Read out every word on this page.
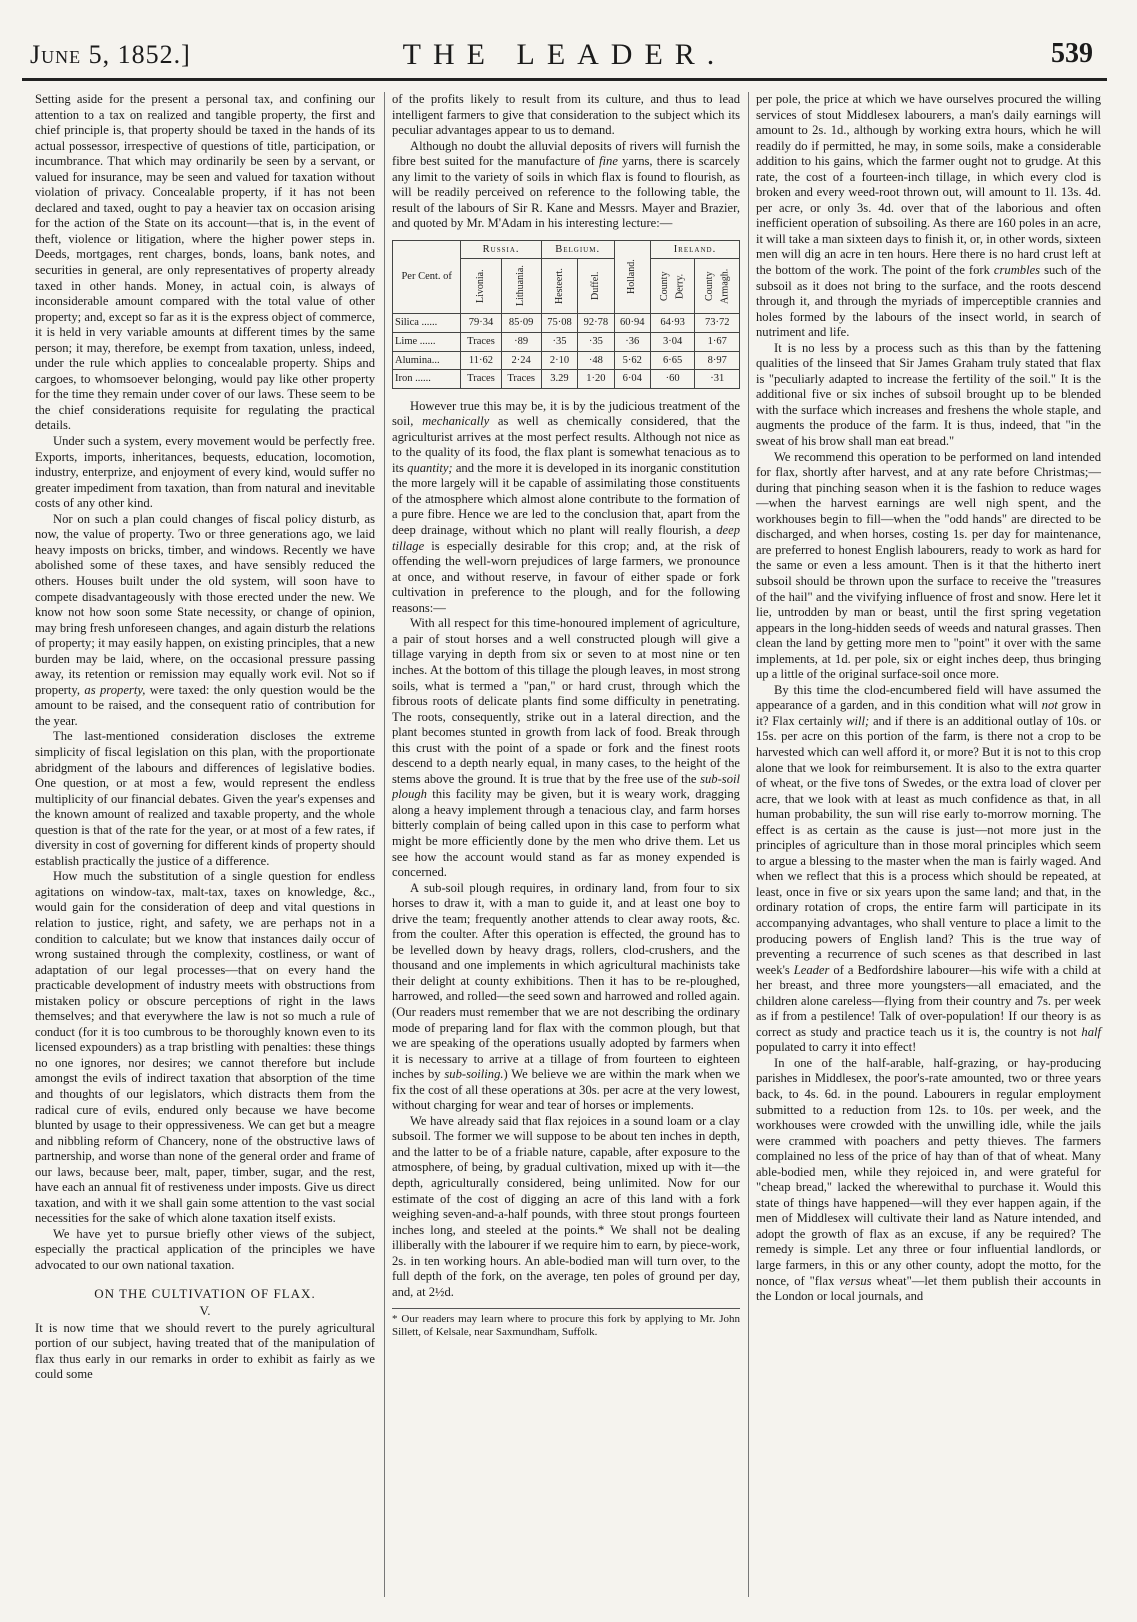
June 5, 1852.]	THE LEADER.	539

Setting aside for the present a personal tax, and confining our attention to a tax on realized and tangible property, the first and chief principle is, that property should be taxed in the hands of its actual possessor, irrespective of questions of title, participation, or incumbrance. That which may ordinarily be seen by a servant, or valued for insurance, may be seen and valued for taxation without violation of privacy. Concealable property, if it has not been declared and taxed, ought to pay a heavier tax on occasion arising for the action of the State on its account—that is, in the event of theft, violence or litigation, where the higher power steps in. Deeds, mortgages, rent charges, bonds, loans, bank notes, and securities in general, are only representatives of property already taxed in other hands. Money, in actual coin, is always of inconsiderable amount compared with the total value of other property; and, except so far as it is the express object of commerce, it is held in very variable amounts at different times by the same person; it may, therefore, be exempt from taxation, unless, indeed, under the rule which applies to concealable property. Ships and cargoes, to whomsoever belonging, would pay like other property for the time they remain under cover of our laws. These seem to be the chief considerations requisite for regulating the practical details.

Under such a system, every movement would be perfectly free. Exports, imports, inheritances, bequests, education, locomotion, industry, enterprize, and enjoyment of every kind, would suffer no greater impediment from taxation, than from natural and inevitable costs of any other kind.

Nor on such a plan could changes of fiscal policy disturb, as now, the value of property. Two or three generations ago, we laid heavy imposts on bricks, timber, and windows. Recently we have abolished some of these taxes, and have sensibly reduced the others. Houses built under the old system, will soon have to compete disadvantageously with those erected under the new. We know not how soon some State necessity, or change of opinion, may bring fresh unforeseen changes, and again disturb the relations of property; it may easily happen, on existing principles, that a new burden may be laid, where, on the occasional pressure passing away, its retention or remission may equally work evil. Not so if property, as property, were taxed: the only question would be the amount to be raised, and the consequent ratio of contribution for the year.

The last-mentioned consideration discloses the extreme simplicity of fiscal legislation on this plan, with the proportionate abridgment of the labours and differences of legislative bodies. One question, or at most a few, would represent the endless multiplicity of our financial debates. Given the year's expenses and the known amount of realized and taxable property, and the whole question is that of the rate for the year, or at most of a few rates, if diversity in cost of governing for different kinds of property should establish practically the justice of a difference.

How much the substitution of a single question for endless agitations on window-tax, malt-tax, taxes on knowledge, &c., would gain for the consideration of deep and vital questions in relation to justice, right, and safety, we are perhaps not in a condition to calculate; but we know that instances daily occur of wrong sustained through the complexity, costliness, or want of adaptation of our legal processes—that on every hand the practicable development of industry meets with obstructions from mistaken policy or obscure perceptions of right in the laws themselves; and that everywhere the law is not so much a rule of conduct (for it is too cumbrous to be thoroughly known even to its licensed expounders) as a trap bristling with penalties: these things no one ignores, nor desires; we cannot therefore but include amongst the evils of indirect taxation that absorption of the time and thoughts of our legislators, which distracts them from the radical cure of evils, endured only because we have become blunted by usage to their oppressiveness. We can get but a meagre and nibbling reform of Chancery, none of the obstructive laws of partnership, and worse than none of the general order and frame of our laws, because beer, malt, paper, timber, sugar, and the rest, have each an annual fit of restiveness under imposts. Give us direct taxation, and with it we shall gain some attention to the vast social necessities for the sake of which alone taxation itself exists.

We have yet to pursue briefly other views of the subject, especially the practical application of the principles we have advocated to our own national taxation.

ON THE CULTIVATION OF FLAX.
V.

It is now time that we should revert to the purely agricultural portion of our subject, having treated that of the manipulation of flax thus early in our remarks in order to exhibit as fairly as we could some

of the profits likely to result from its culture, and thus to lead intelligent farmers to give that consideration to the subject which its peculiar advantages appear to us to demand.

Although no doubt the alluvial deposits of rivers will furnish the fibre best suited for the manufacture of fine yarns, there is scarcely any limit to the variety of soils in which flax is found to flourish, as will be readily perceived on reference to the following table, the result of the labours of Sir R. Kane and Messrs. Mayer and Brazier, and quoted by Mr. M'Adam in his interesting lecture:—

Per Cent. of	Russia.		Belgium.		Holland.	Ireland.	

	Livonia.	Lithuania.	Hesteert.	Duffel.		County Derry.	County Armagh.

Silica ......	79·34	85·09	75·08	92·78	60·94	64·93	73·72
Lime ......	Traces	·89	·35	·35	·36	3·04	1·67
Alumina...	11·62	2·24	2·10	·48	5·62	6·65	8·97
Iron ......	Traces	Traces	3.29	1·20	6·04	·60	·31

However true this may be, it is by the judicious treatment of the soil, mechanically as well as chemically considered, that the agriculturist arrives at the most perfect results. Although not nice as to the quality of its food, the flax plant is somewhat tenacious as to its quantity; and the more it is developed in its inorganic constitution the more largely will it be capable of assimilating those constituents of the atmosphere which almost alone contribute to the formation of a pure fibre. Hence we are led to the conclusion that, apart from the deep drainage, without which no plant will really flourish, a deep tillage is especially desirable for this crop; and, at the risk of offending the well-worn prejudices of large farmers, we pronounce at once, and without reserve, in favour of either spade or fork cultivation in preference to the plough, and for the following reasons:—

With all respect for this time-honoured implement of agriculture, a pair of stout horses and a well constructed plough will give a tillage varying in depth from six or seven to at most nine or ten inches. At the bottom of this tillage the plough leaves, in most strong soils, what is termed a "pan," or hard crust, through which the fibrous roots of delicate plants find some difficulty in penetrating. The roots, consequently, strike out in a lateral direction, and the plant becomes stunted in growth from lack of food. Break through this crust with the point of a spade or fork and the finest roots descend to a depth nearly equal, in many cases, to the height of the stems above the ground. It is true that by the free use of the sub-soil plough this facility may be given, but it is weary work, dragging along a heavy implement through a tenacious clay, and farm horses bitterly complain of being called upon in this case to perform what might be more efficiently done by the men who drive them. Let us see how the account would stand as far as money expended is concerned.

A sub-soil plough requires, in ordinary land, from four to six horses to draw it, with a man to guide it, and at least one boy to drive the team; frequently another attends to clear away roots, &c. from the coulter. After this operation is effected, the ground has to be levelled down by heavy drags, rollers, clod-crushers, and the thousand and one implements in which agricultural machinists take their delight at county exhibitions. Then it has to be re-ploughed, harrowed, and rolled—the seed sown and harrowed and rolled again. (Our readers must remember that we are not describing the ordinary mode of preparing land for flax with the common plough, but that we are speaking of the operations usually adopted by farmers when it is necessary to arrive at a tillage of from fourteen to eighteen inches by sub-soiling.) We believe we are within the mark when we fix the cost of all these operations at 30s. per acre at the very lowest, without charging for wear and tear of horses or implements.

We have already said that flax rejoices in a sound loam or a clay subsoil. The former we will suppose to be about ten inches in depth, and the latter to be of a friable nature, capable, after exposure to the atmosphere, of being, by gradual cultivation, mixed up with it—the depth, agriculturally considered, being unlimited. Now for our estimate of the cost of digging an acre of this land with a fork weighing seven-and-a-half pounds, with three stout prongs fourteen inches long, and steeled at the points.* We shall not be dealing illiberally with the labourer if we require him to earn, by piece-work, 2s. in ten working hours. An able-bodied man will turn over, to the full depth of the fork, on the average, ten poles of ground per day, and, at 2½d.

* Our readers may learn where to procure this fork by applying to Mr. John Sillett, of Kelsale, near Saxmundham, Suffolk.

per pole, the price at which we have ourselves procured the willing services of stout Middlesex labourers, a man's daily earnings will amount to 2s. 1d., although by working extra hours, which he will readily do if permitted, he may, in some soils, make a considerable addition to his gains, which the farmer ought not to grudge. At this rate, the cost of a fourteen-inch tillage, in which every clod is broken and every weed-root thrown out, will amount to 1l. 13s. 4d. per acre, or only 3s. 4d. over that of the laborious and often inefficient operation of subsoiling. As there are 160 poles in an acre, it will take a man sixteen days to finish it, or, in other words, sixteen men will dig an acre in ten hours. Here there is no hard crust left at the bottom of the work. The point of the fork crumbles such of the subsoil as it does not bring to the surface, and the roots descend through it, and through the myriads of imperceptible crannies and holes formed by the labours of the insect world, in search of nutriment and life.

It is no less by a process such as this than by the fattening qualities of the linseed that Sir James Graham truly stated that flax is "peculiarly adapted to increase the fertility of the soil." It is the additional five or six inches of subsoil brought up to be blended with the surface which increases and freshens the whole staple, and augments the produce of the farm. It is thus, indeed, that "in the sweat of his brow shall man eat bread."

We recommend this operation to be performed on land intended for flax, shortly after harvest, and at any rate before Christmas;—during that pinching season when it is the fashion to reduce wages—when the harvest earnings are well nigh spent, and the workhouses begin to fill—when the "odd hands" are directed to be discharged, and when horses, costing 1s. per day for maintenance, are preferred to honest English labourers, ready to work as hard for the same or even a less amount. Then is it that the hitherto inert subsoil should be thrown upon the surface to receive the "treasures of the hail" and the vivifying influence of frost and snow. Here let it lie, untrodden by man or beast, until the first spring vegetation appears in the long-hidden seeds of weeds and natural grasses. Then clean the land by getting more men to "point" it over with the same implements, at 1d. per pole, six or eight inches deep, thus bringing up a little of the original surface-soil once more.

By this time the clod-encumbered field will have assumed the appearance of a garden, and in this condition what will not grow in it? Flax certainly will; and if there is an additional outlay of 10s. or 15s. per acre on this portion of the farm, is there not a crop to be harvested which can well afford it, or more? But it is not to this crop alone that we look for reimbursement. It is also to the extra quarter of wheat, or the five tons of Swedes, or the extra load of clover per acre, that we look with at least as much confidence as that, in all human probability, the sun will rise early to-morrow morning. The effect is as certain as the cause is just—not more just in the principles of agriculture than in those moral principles which seem to argue a blessing to the master when the man is fairly waged. And when we reflect that this is a process which should be repeated, at least, once in five or six years upon the same land; and that, in the ordinary rotation of crops, the entire farm will participate in its accompanying advantages, who shall venture to place a limit to the producing powers of English land? This is the true way of preventing a recurrence of such scenes as that described in last week's Leader of a Bedfordshire labourer—his wife with a child at her breast, and three more youngsters—all emaciated, and the children alone careless—flying from their country and 7s. per week as if from a pestilence! Talk of over-population! If our theory is as correct as study and practice teach us it is, the country is not half populated to carry it into effect!

In one of the half-arable, half-grazing, or hay-producing parishes in Middlesex, the poor's-rate amounted, two or three years back, to 4s. 6d. in the pound. Labourers in regular employment submitted to a reduction from 12s. to 10s. per week, and the workhouses were crowded with the unwilling idle, while the jails were crammed with poachers and petty thieves. The farmers complained no less of the price of hay than of that of wheat. Many able-bodied men, while they rejoiced in, and were grateful for "cheap bread," lacked the wherewithal to purchase it. Would this state of things have happened—will they ever happen again, if the men of Middlesex will cultivate their land as Nature intended, and adopt the growth of flax as an excuse, if any be required? The remedy is simple. Let any three or four influential landlords, or large farmers, in this or any other county, adopt the motto, for the nonce, of "flax versus wheat"—let them publish their accounts in the London or local journals, and
